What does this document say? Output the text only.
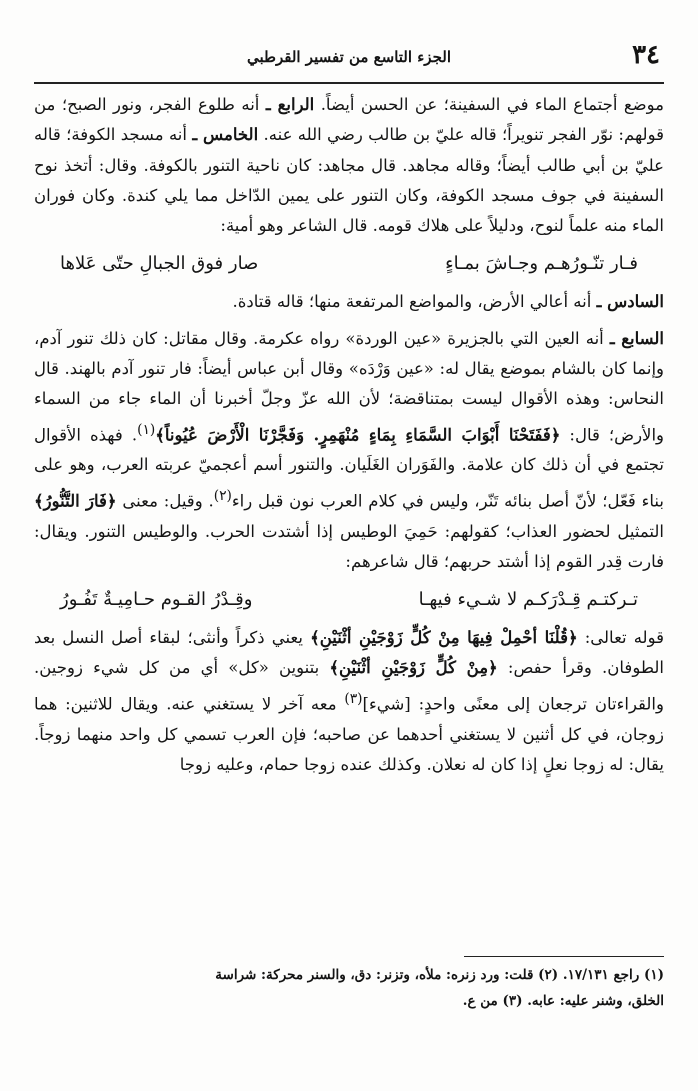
٣٤
الجزء التاسع من تفسير القرطبي

موضع أجتماع الماء في السفينة؛ عن الحسن أيضاً. الرابع ـ أنه طلوع الفجر، ونور الصبح؛ من قولهم: نوّر الفجر تنويراً؛ قاله عليّ بن طالب رضي الله عنه. الخامس ـ أنه مسجد الكوفة؛ قاله عليّ بن أبي طالب أيضاً؛ وقاله مجاهد. قال مجاهد: كان ناحية التنور بالكوفة. وقال: أتخذ نوح السفينة في جوف مسجد الكوفة، وكان التنور على يمين الدّاخل مما يلي كندة. وكان فوران الماء منه علماً لنوح، ودليلاً على هلاك قومه. قال الشاعر وهو أمية:

فـار تنّـورُهـم وجـاشَ بمـاءٍ
صار فوق الجبالِ حتّى عَلاها

السادس ـ أنه أعالي الأرض، والمواضع المرتفعة منها؛ قاله قتادة.

السابع ـ أنه العين التي بالجزيرة «عين الوردة» رواه عكرمة. وقال مقاتل: كان ذلك تنور آدم، وإنما كان بالشام بموضع يقال له: «عين وَرْدَه» وقال أبن عباس أيضاً: فار تنور آدم بالهند. قال النحاس: وهذه الأقوال ليست بمتناقضة؛ لأن الله عزّ وجلّ أخبرنا أن الماء جاء من السماء والأرض؛ قال: ﴿فَفَتَحْنَا أَبْوَابَ السَّمَاءِ بِمَاءٍ مُنْهَمِرٍ. وَفَجَّرْنَا الْأَرْضَ عُيُوناً﴾$^{(١)}$. فهذه الأقوال تجتمع في أن ذلك كان علامة. والفَوَران الغَلَيان. والتنور أسم أعجميّ عربته العرب، وهو على بناء فَعّل؛ لأنّ أصل بنائه تَنّر، وليس في كلام العرب نون قبل راء$^{(٢)}$. وقيل: معنى ﴿فَارَ التَّنُّورُ﴾ التمثيل لحضور العذاب؛ كقولهم: حَمِيَ الوطيس إذا أشتدت الحرب. والوطيس التنور. ويقال: فارت قِدر القوم إذا أشتد حربهم؛ قال شاعرهم:

تـركتـم قِـدْرَكـم لا شـيء فيهـا
وقِـدْرُ القـوم حـامِيـةٌ تَفُـورُ

قوله تعالى: ﴿قُلْنَا أحْمِلْ فِيهَا مِنْ كُلٍّ زَوْجَيْنِ أثْنَيْنِ﴾ يعني ذكراً وأنثى؛ لبقاء أصل النسل بعد الطوفان. وقرأ حفص: ﴿مِنْ كُلٍّ زَوْجَيْنِ أثْنَيْنِ﴾ بتنوين «كل» أي من كل شيء زوجين. والقراءتان ترجعان إلى معنًى واحدٍ: [شيء]$^{(٣)}$ معه آخر لا يستغني عنه. ويقال للاثنين: هما زوجان، في كل أثنين لا يستغني أحدهما عن صاحبه؛ فإن العرب تسمي كل واحد منهما زوجاً. يقال: له زوجا نعلٍ إذا كان له نعلان. وكذلك عنده زوجا حمام، وعليه زوجا

(١) راجع ١٧/١٣١. (٢) قلت: ورد زنره: ملأه، وتزنر: دق، والسنر محركة: شراسة

الخلق، وشنر عليه: عابه. (٣) من ع.
